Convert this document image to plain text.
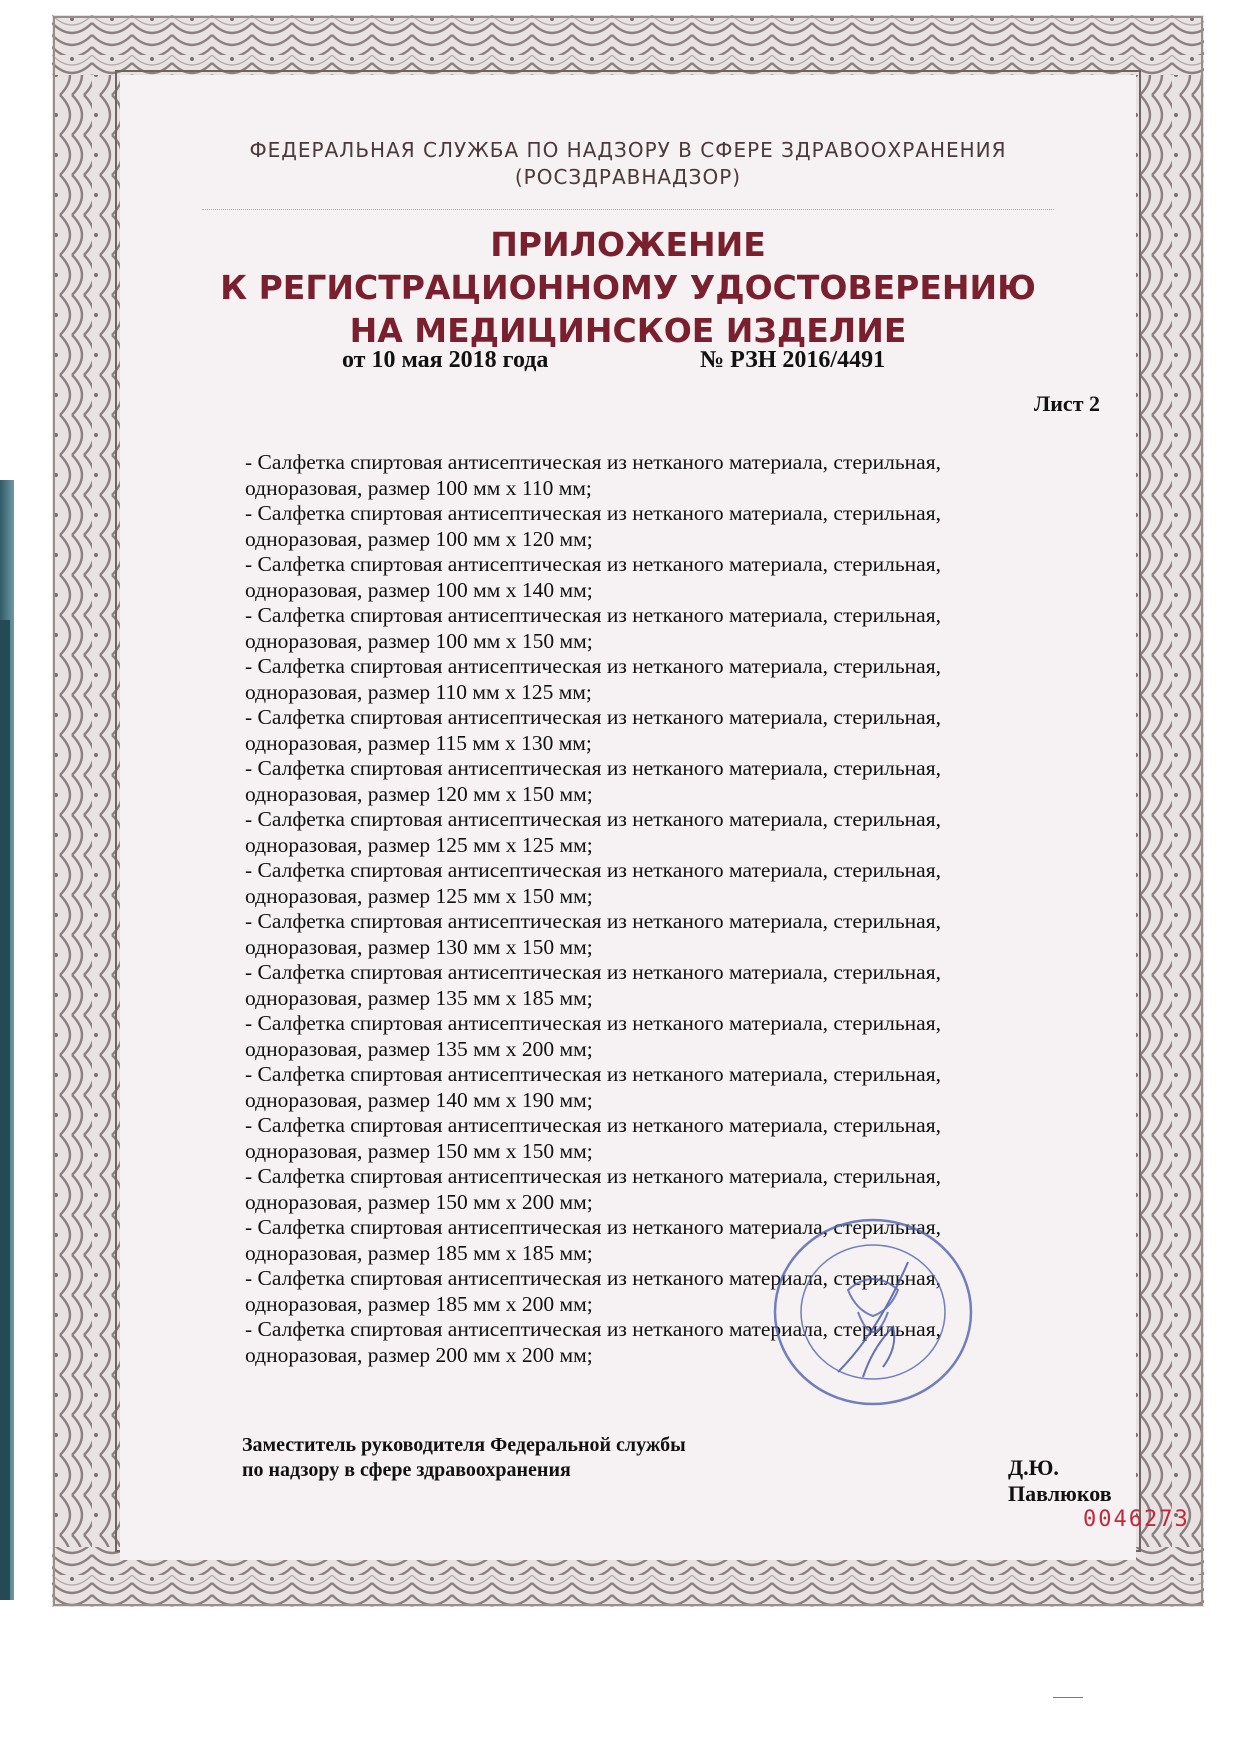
ФЕДЕРАЛЬНАЯ СЛУЖБА ПО НАДЗОРУ В СФЕРЕ ЗДРАВООХРАНЕНИЯ
(РОСЗДРАВНАДЗОР)
ПРИЛОЖЕНИЕ
К РЕГИСТРАЦИОННОМУ УДОСТОВЕРЕНИЮ
НА МЕДИЦИНСКОЕ ИЗДЕЛИЕ
от 10 мая 2018 года	№ РЗН 2016/4491
Лист 2
- Салфетка спиртовая антисептическая из нетканого материала, стерильная,
одноразовая, размер 100 мм х 110 мм;
- Салфетка спиртовая антисептическая из нетканого материала, стерильная,
одноразовая, размер 100 мм х 120 мм;
- Салфетка спиртовая антисептическая из нетканого материала, стерильная,
одноразовая, размер 100 мм х 140 мм;
- Салфетка спиртовая антисептическая из нетканого материала, стерильная,
одноразовая, размер 100 мм х 150 мм;
- Салфетка спиртовая антисептическая из нетканого материала, стерильная,
одноразовая, размер 110 мм х 125 мм;
- Салфетка спиртовая антисептическая из нетканого материала, стерильная,
одноразовая, размер 115 мм х 130 мм;
- Салфетка спиртовая антисептическая из нетканого материала, стерильная,
одноразовая, размер 120 мм х 150 мм;
- Салфетка спиртовая антисептическая из нетканого материала, стерильная,
одноразовая, размер 125 мм х 125 мм;
- Салфетка спиртовая антисептическая из нетканого материала, стерильная,
одноразовая, размер 125 мм х 150 мм;
- Салфетка спиртовая антисептическая из нетканого материала, стерильная,
одноразовая, размер 130 мм х 150 мм;
- Салфетка спиртовая антисептическая из нетканого материала, стерильная,
одноразовая, размер 135 мм х 185 мм;
- Салфетка спиртовая антисептическая из нетканого материала, стерильная,
одноразовая, размер 135 мм х 200 мм;
- Салфетка спиртовая антисептическая из нетканого материала, стерильная,
одноразовая, размер 140 мм х 190 мм;
- Салфетка спиртовая антисептическая из нетканого материала, стерильная,
одноразовая, размер 150 мм х 150 мм;
- Салфетка спиртовая антисептическая из нетканого материала, стерильная,
одноразовая, размер 150 мм х 200 мм;
- Салфетка спиртовая антисептическая из нетканого материала, стерильная,
одноразовая, размер 185 мм х 185 мм;
- Салфетка спиртовая антисептическая из нетканого материала, стерильная,
одноразовая, размер 185 мм х 200 мм;
- Салфетка спиртовая антисептическая из нетканого материала, стерильная,
одноразовая, размер 200 мм х 200 мм;
Заместитель руководителя Федеральной службы
по надзору в сфере здравоохранения	Д.Ю. Павлюков
0046273
